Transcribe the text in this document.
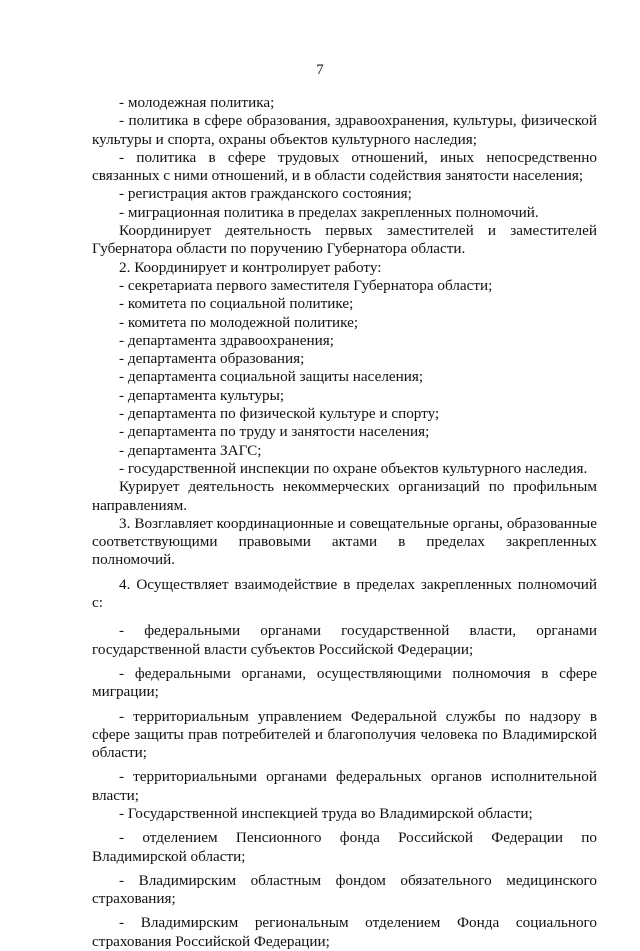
7

- молодежная политика;

- политика в сфере образования, здравоохранения, культуры, физической культуры и спорта, охраны объектов культурного наследия;

- политика в сфере трудовых отношений, иных непосредственно связанных с ними отношений, и в области содействия занятости населения;

- регистрация актов гражданского состояния;

- миграционная политика в пределах закрепленных полномочий.

Координирует деятельность первых заместителей и заместителей Губернатора области по поручению Губернатора области.

2. Координирует и контролирует работу:

- секретариата первого заместителя Губернатора области;

- комитета по социальной политике;

- комитета по молодежной политике;

- департамента здравоохранения;

- департамента образования;

- департамента социальной защиты населения;

- департамента культуры;

- департамента по физической культуре и спорту;

- департамента по труду и занятости населения;

- департамента ЗАГС;

- государственной инспекции по охране объектов культурного наследия.

Курирует деятельность некоммерческих организаций по профильным направлениям.

3. Возглавляет координационные и совещательные органы, образованные соответствующими правовыми актами в пределах закрепленных полномочий.

4. Осуществляет взаимодействие в пределах закрепленных полномочий с:

- федеральными органами государственной власти, органами государственной власти субъектов Российской Федерации;

- федеральными органами, осуществляющими полномочия в сфере миграции;

- территориальным управлением Федеральной службы по надзору в сфере защиты прав потребителей и благополучия человека по Владимирской области;

- территориальными органами федеральных органов исполнительной власти;

- Государственной инспекцией труда во Владимирской области;

- отделением Пенсионного фонда Российской Федерации по Владимирской области;

- Владимирским областным фондом обязательного медицинского страхования;

- Владимирским региональным отделением Фонда социального страхования Российской Федерации;
